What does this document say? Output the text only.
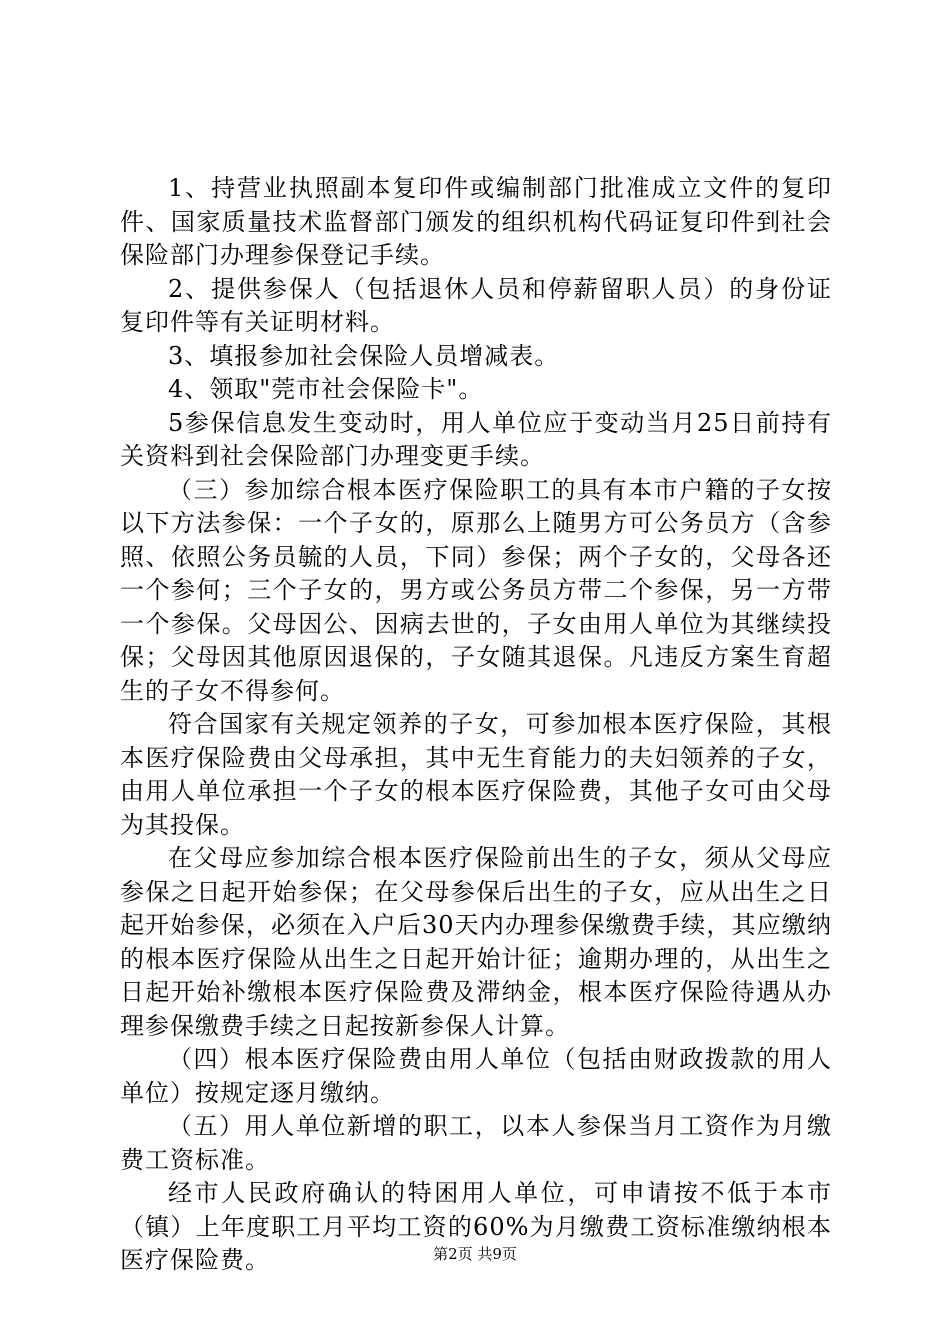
1、持营业执照副本复印件或编制部门批准成立文件的复印件、国家质量技术监督部门颁发的组织机构代码证复印件到社会保险部门办理参保登记手续。

2、提供参保人（包括退休人员和停薪留职人员）的身份证复印件等有关证明材料。

3、填报参加社会保险人员增减表。

4、领取"莞市社会保险卡"。

5参保信息发生变动时，用人单位应于变动当月25日前持有关资料到社会保险部门办理变更手续。

（三）参加综合根本医疗保险职工的具有本市户籍的子女按以下方法参保：一个子女的，原那么上随男方可公务员方（含参照、依照公务员毓的人员，下同）参保；两个子女的，父母各还一个参何；三个子女的，男方或公务员方带二个参保，另一方带一个参保。父母因公、因病去世的，子女由用人单位为其继续投保；父母因其他原因退保的，子女随其退保。凡违反方案生育超生的子女不得参何。

符合国家有关规定领养的子女，可参加根本医疗保险，其根本医疗保险费由父母承担，其中无生育能力的夫妇领养的子女，由用人单位承担一个子女的根本医疗保险费，其他子女可由父母为其投保。

在父母应参加综合根本医疗保险前出生的子女，须从父母应参保之日起开始参保；在父母参保后出生的子女，应从出生之日起开始参保，必须在入户后30天内办理参保缴费手续，其应缴纳的根本医疗保险从出生之日起开始计征；逾期办理的，从出生之日起开始补缴根本医疗保险费及滞纳金，根本医疗保险待遇从办理参保缴费手续之日起按新参保人计算。

（四）根本医疗保险费由用人单位（包括由财政拨款的用人单位）按规定逐月缴纳。

（五）用人单位新增的职工，以本人参保当月工资作为月缴费工资标准。

经市人民政府确认的特困用人单位，可申请按不低于本市（镇）上年度职工月平均工资的60%为月缴费工资标准缴纳根本医疗保险费。	第2页 共9页
